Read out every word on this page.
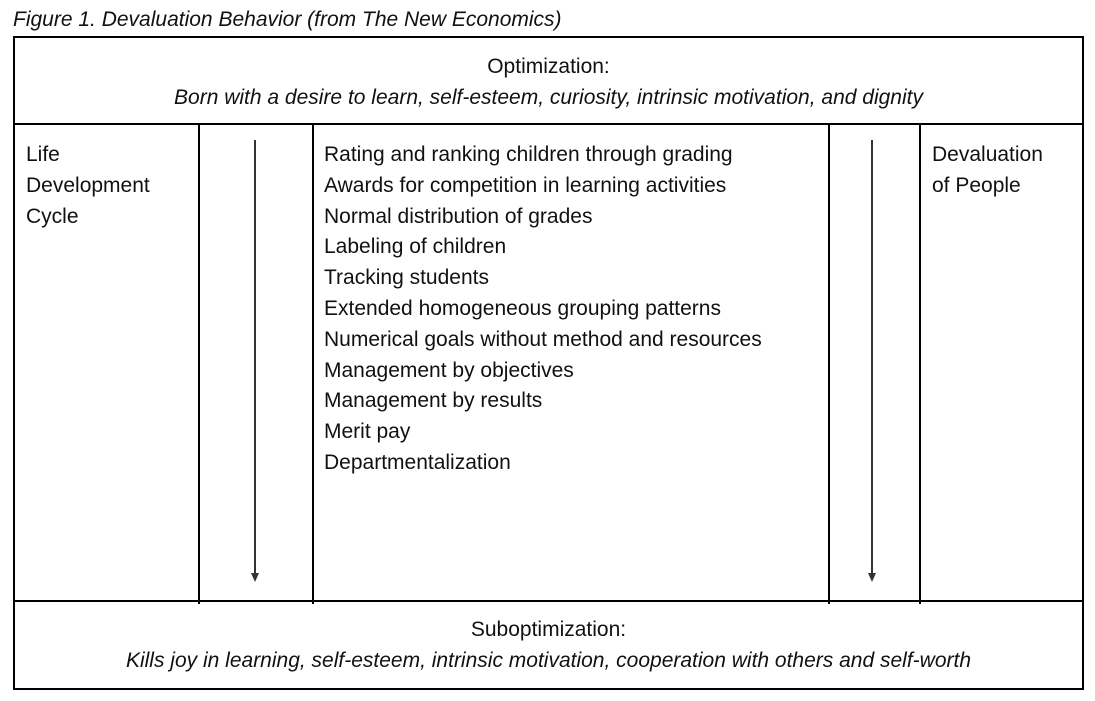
Figure 1. Devaluation Behavior (from The New Economics)
Optimization:
Born with a desire to learn, self-esteem, curiosity, intrinsic motivation, and dignity
Life
Development
Cycle
Rating and ranking children through grading
Awards for competition in learning activities
Normal distribution of grades
Labeling of children
Tracking students
Extended homogeneous grouping patterns
Numerical goals without method and resources
Management by objectives
Management by results
Merit pay
Departmentalization
Devaluation
of People
Suboptimization:
Kills joy in learning, self-esteem, intrinsic motivation, cooperation with others and self-worth
